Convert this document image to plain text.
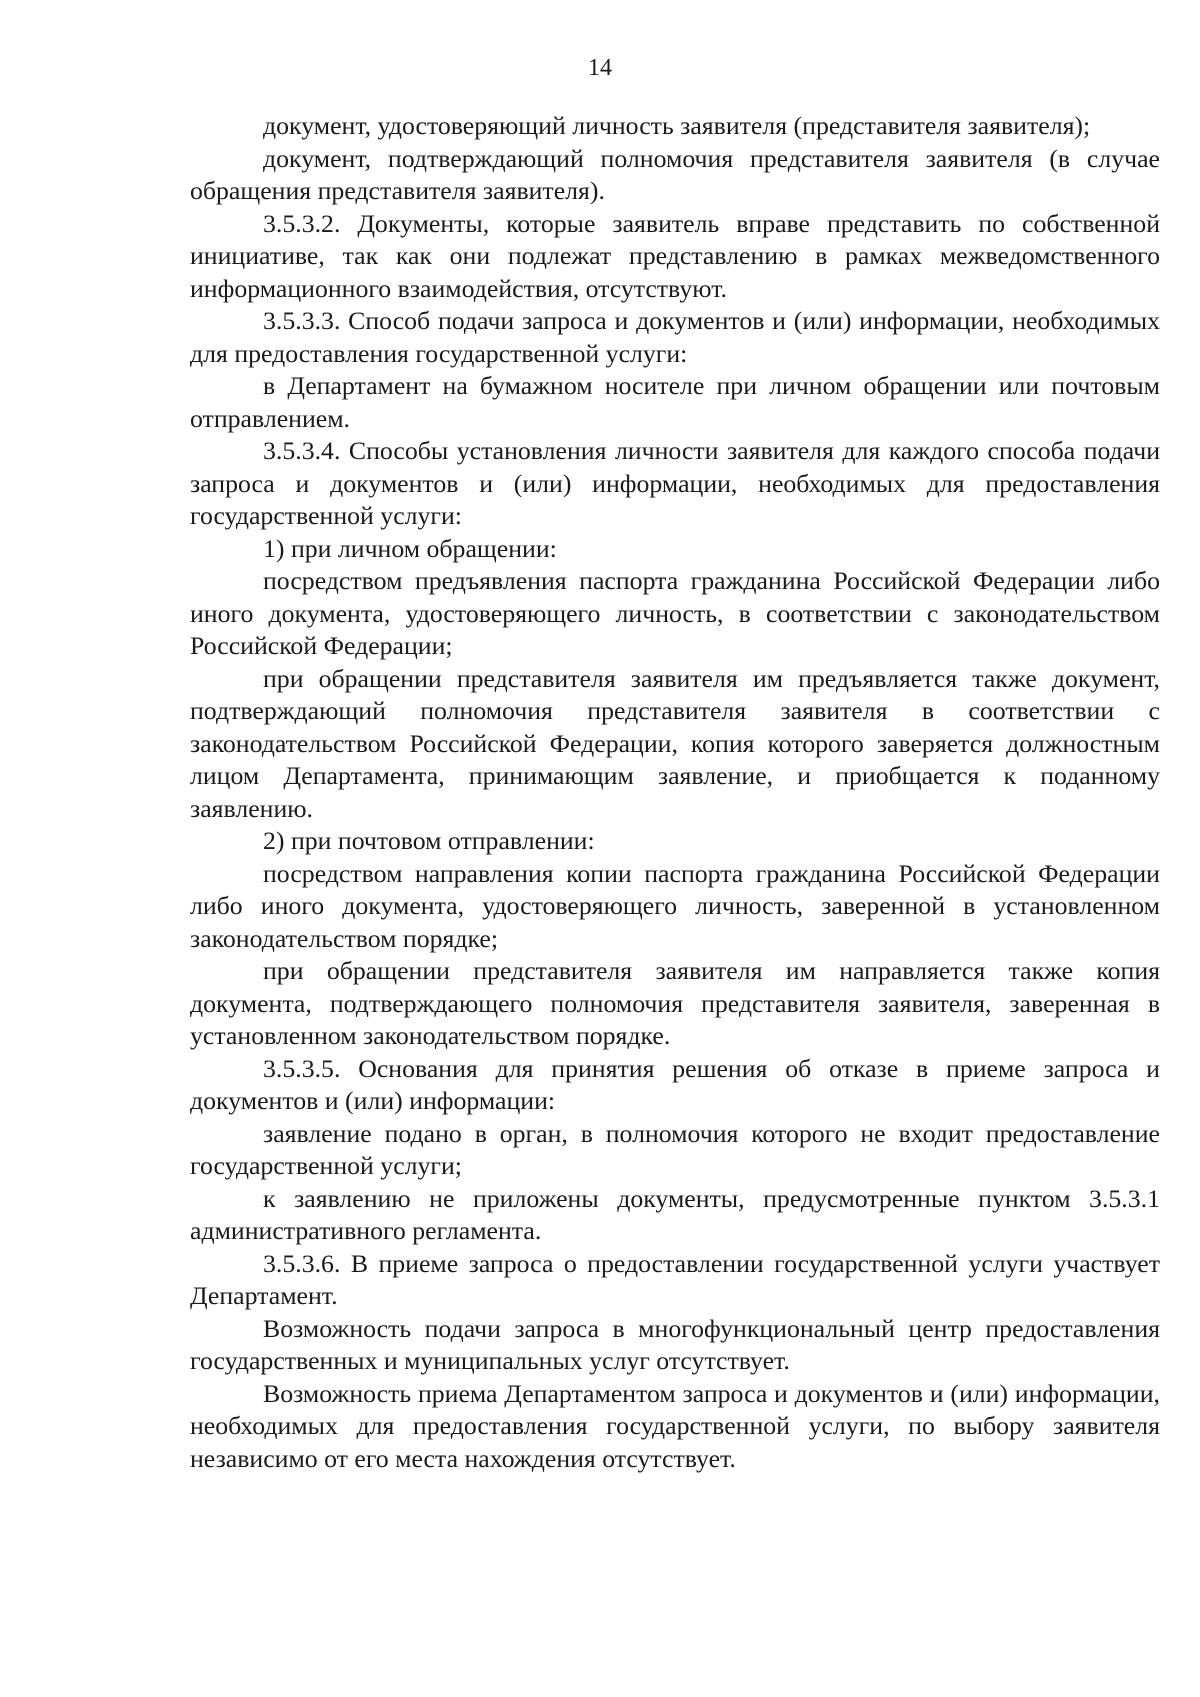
14

документ, удостоверяющий личность заявителя (представителя заявителя);

документ, подтверждающий полномочия представителя заявителя (в случае обращения представителя заявителя).

3.5.3.2. Документы, которые заявитель вправе представить по собственной инициативе, так как они подлежат представлению в рамках межведомственного информационного взаимодействия, отсутствуют.

3.5.3.3. Способ подачи запроса и документов и (или) информации, необходимых для предоставления государственной услуги:

в Департамент на бумажном носителе при личном обращении или почтовым отправлением.

3.5.3.4. Способы установления личности заявителя для каждого способа подачи запроса и документов и (или) информации, необходимых для предоставления государственной услуги:

1) при личном обращении:

посредством предъявления паспорта гражданина Российской Федерации либо иного документа, удостоверяющего личность, в соответствии с законодательством Российской Федерации;

при обращении представителя заявителя им предъявляется также документ, подтверждающий полномочия представителя заявителя в соответствии с законодательством Российской Федерации, копия которого заверяется должностным лицом Департамента, принимающим заявление, и приобщается к поданному заявлению.

2) при почтовом отправлении:

посредством направления копии паспорта гражданина Российской Федерации либо иного документа, удостоверяющего личность, заверенной в установленном законодательством порядке;

при обращении представителя заявителя им направляется также копия документа, подтверждающего полномочия представителя заявителя, заверенная в установленном законодательством порядке.

3.5.3.5. Основания для принятия решения об отказе в приеме запроса и документов и (или) информации:

заявление подано в орган, в полномочия которого не входит предоставление государственной услуги;

к заявлению не приложены документы, предусмотренные пунктом 3.5.3.1 административного регламента.

3.5.3.6. В приеме запроса о предоставлении государственной услуги участвует Департамент.

Возможность подачи запроса в многофункциональный центр предоставления государственных и муниципальных услуг отсутствует.

Возможность приема Департаментом запроса и документов и (или) информации, необходимых для предоставления государственной услуги, по выбору заявителя независимо от его места нахождения отсутствует.
